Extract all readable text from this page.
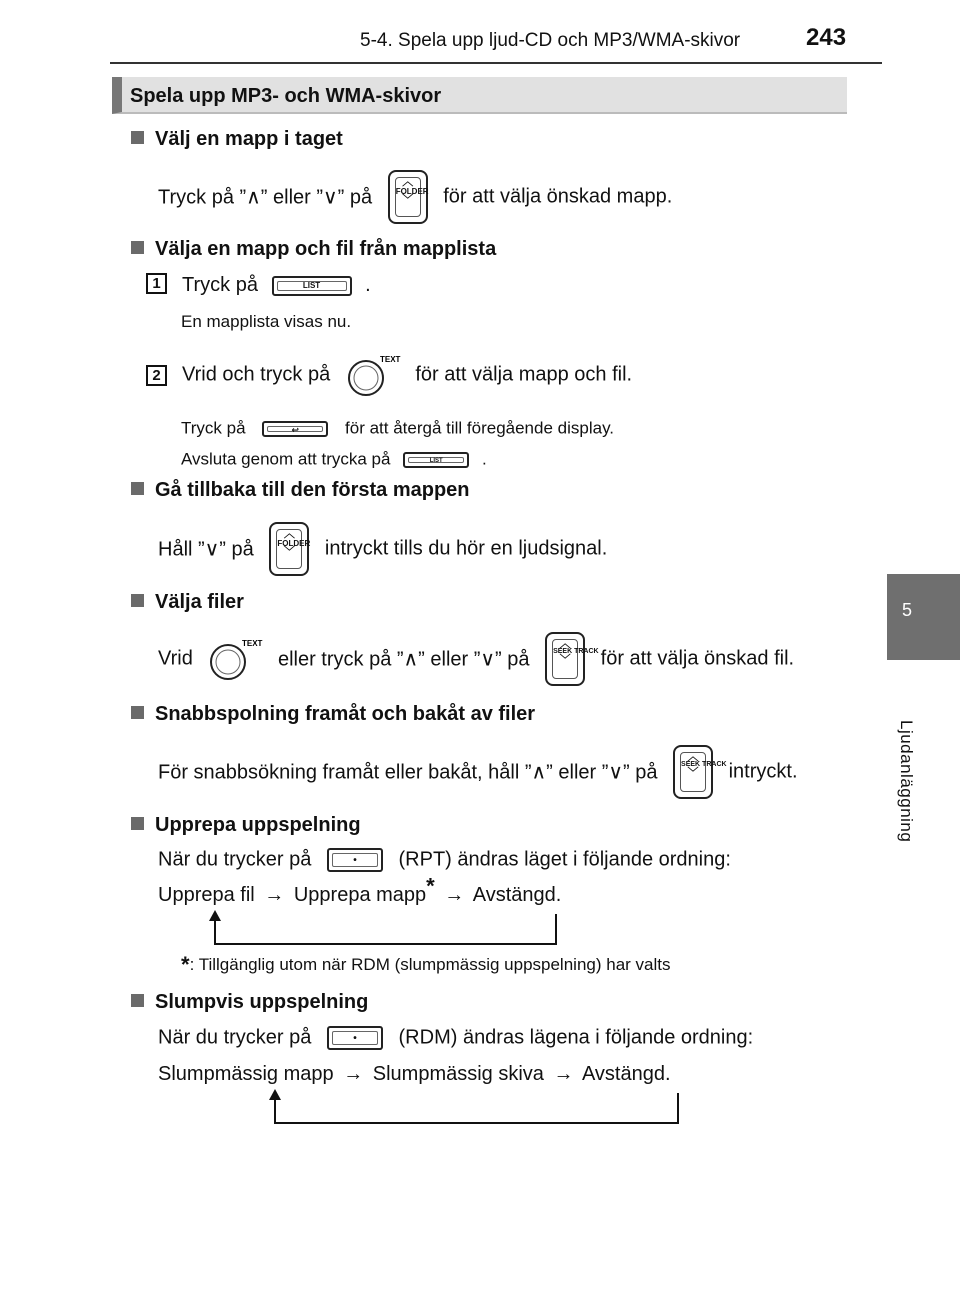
5-4. Spela upp ljud-CD och MP3/WMA-skivor	243
5
Ljudanläggning
Spela upp MP3- och WMA-skivor
Välj en mapp i taget
Tryck på ”∧” eller ”∨” på
︿
FOLDER
﹀	för att välja önskad mapp.
Välja en mapp och fil från mapplista
1	Tryck på	LIST	.
En mapplista visas nu.
2	Vrid och tryck på
TEXT
för att välja mapp och fil.
Tryck på	↩	för att återgå till föregående display.
Avsluta genom att trycka på	LIST	.
Gå tillbaka till den första mappen
Håll ”∨” på
︿
FOLDER
﹀	intryckt tills du hör en ljudsignal.
Välja filer
Vrid
TEXT
eller tryck på ”∧” eller ”∨” på
︿
SEEK TRACK
﹀	för att välja önskad fil.
Snabbspolning framåt och bakåt av filer
För snabbsökning framåt eller bakåt, håll ”∧” eller ”∨” på
︿
SEEK TRACK
﹀	intryckt.
Upprepa uppspelning
När du trycker på	•	(RPT) ändras läget i följande ordning:
Upprepa fil → Upprepa mapp* → Avstängd.
*: Tillgänglig utom när RDM (slumpmässig uppspelning) har valts
Slumpvis uppspelning
När du trycker på	•	(RDM) ändras lägena i följande ordning:
Slumpmässig mapp → Slumpmässig skiva → Avstängd.
